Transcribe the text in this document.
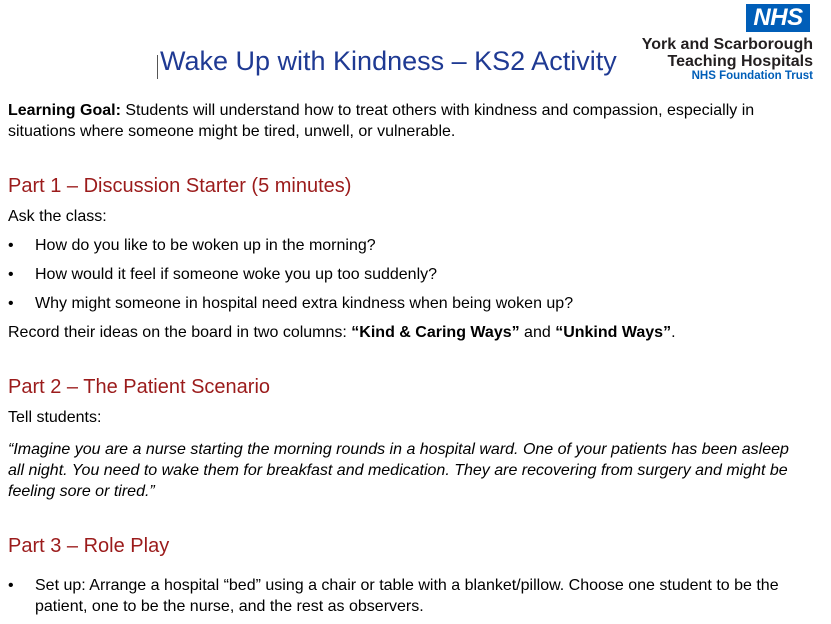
NHS
York and Scarborough
Teaching Hospitals
NHS Foundation Trust
Wake Up with Kindness – KS2 Activity

Learning Goal: Students will understand how to treat others with kindness and compassion, especially in situations where someone might be tired, unwell, or vulnerable.

Part 1 – Discussion Starter (5 minutes)

Ask the class:

• How do you like to be woken up in the morning?
• How would it feel if someone woke you up too suddenly?
• Why might someone in hospital need extra kindness when being woken up?

Record their ideas on the board in two columns: “Kind & Caring Ways” and “Unkind Ways”.

Part 2 – The Patient Scenario

Tell students:

“Imagine you are a nurse starting the morning rounds in a hospital ward. One of your patients has been asleep all night. You need to wake them for breakfast and medication. They are recovering from surgery and might be feeling sore or tired.”

Part 3 – Role Play
• Set up: Arrange a hospital “bed” using a chair or table with a blanket/pillow. Choose one student to be the patient, one to be the nurse, and the rest as observers.
